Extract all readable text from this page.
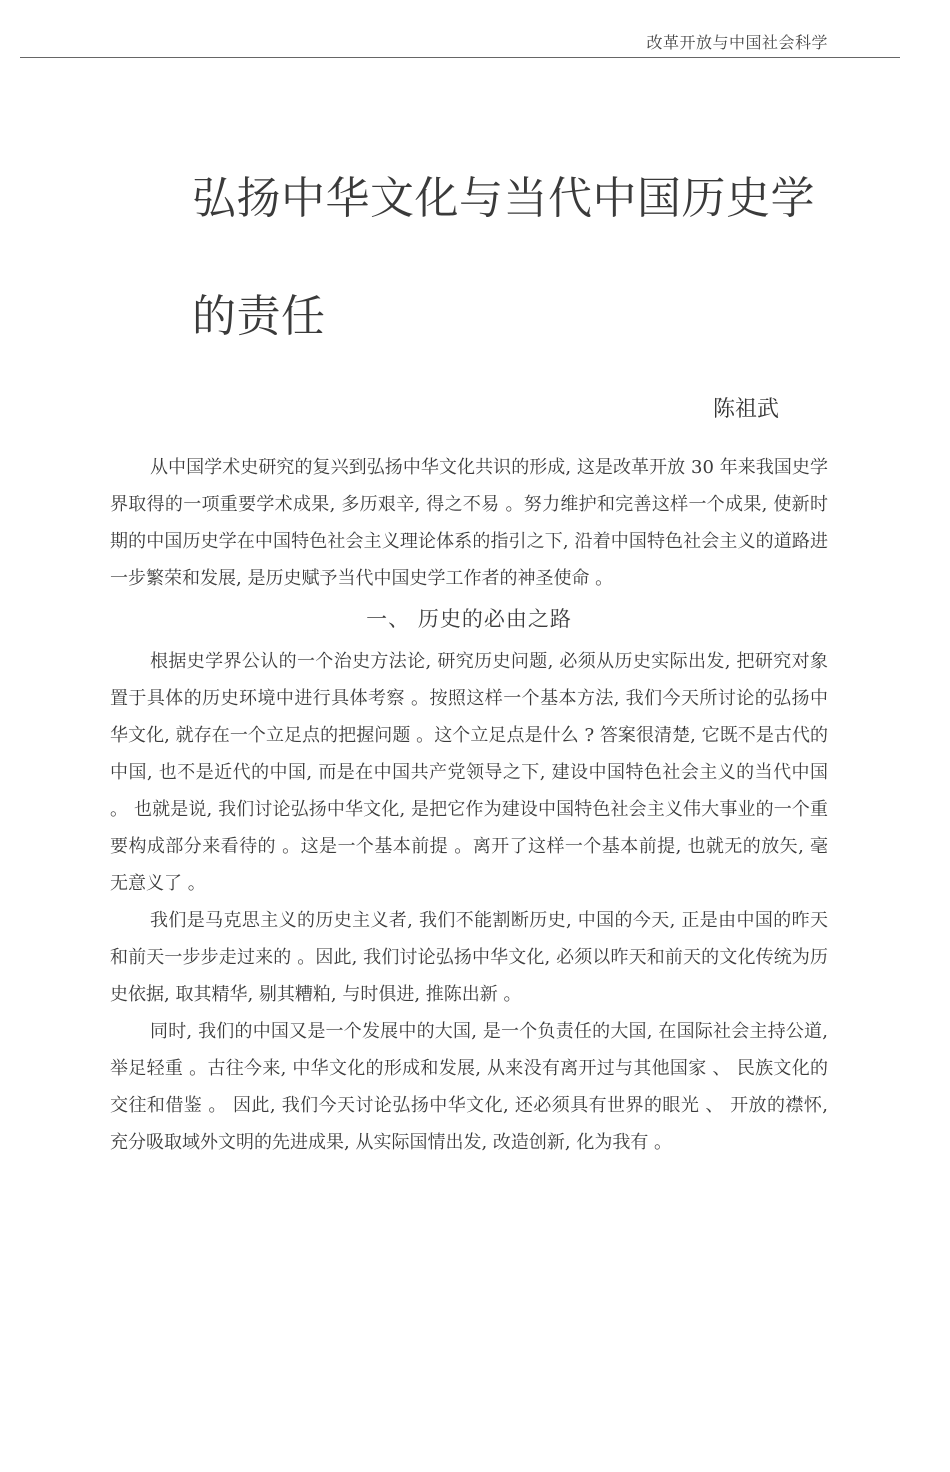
改革开放与中国社会科学
弘扬中华文化与当代中国历史学的责任
陈祖武

从中国学术史研究的复兴到弘扬中华文化共识的形成, 这是改革开放 30 年来我国史学界取得的一项重要学术成果, 多历艰辛, 得之不易 。努力维护和完善这样一个成果, 使新时期的中国历史学在中国特色社会主义理论体系的指引之下, 沿着中国特色社会主义的道路进一步繁荣和发展, 是历史赋予当代中国史学工作者的神圣使命 。

一、 历史的必由之路

根据史学界公认的一个治史方法论, 研究历史问题, 必须从历史实际出发, 把研究对象置于具体的历史环境中进行具体考察 。按照这样一个基本方法, 我们今天所讨论的弘扬中华文化, 就存在一个立足点的把握问题 。这个立足点是什么 ? 答案很清楚, 它既不是古代的中国, 也不是近代的中国, 而是在中国共产党领导之下, 建设中国特色社会主义的当代中国 。 也就是说, 我们讨论弘扬中华文化, 是把它作为建设中国特色社会主义伟大事业的一个重要构成部分来看待的 。这是一个基本前提 。离开了这样一个基本前提, 也就无的放矢, 毫无意义了 。

我们是马克思主义的历史主义者, 我们不能割断历史, 中国的今天, 正是由中国的昨天和前天一步步走过来的 。因此, 我们讨论弘扬中华文化, 必须以昨天和前天的文化传统为历史依据, 取其精华, 剔其糟粕, 与时俱进, 推陈出新 。

同时, 我们的中国又是一个发展中的大国, 是一个负责任的大国, 在国际社会主持公道, 举足轻重 。古往今来, 中华文化的形成和发展, 从来没有离开过与其他国家 、 民族文化的交往和借鉴 。 因此, 我们今天讨论弘扬中华文化, 还必须具有世界的眼光 、 开放的襟怀, 充分吸取域外文明的先进成果, 从实际国情出发, 改造创新, 化为我有 。
